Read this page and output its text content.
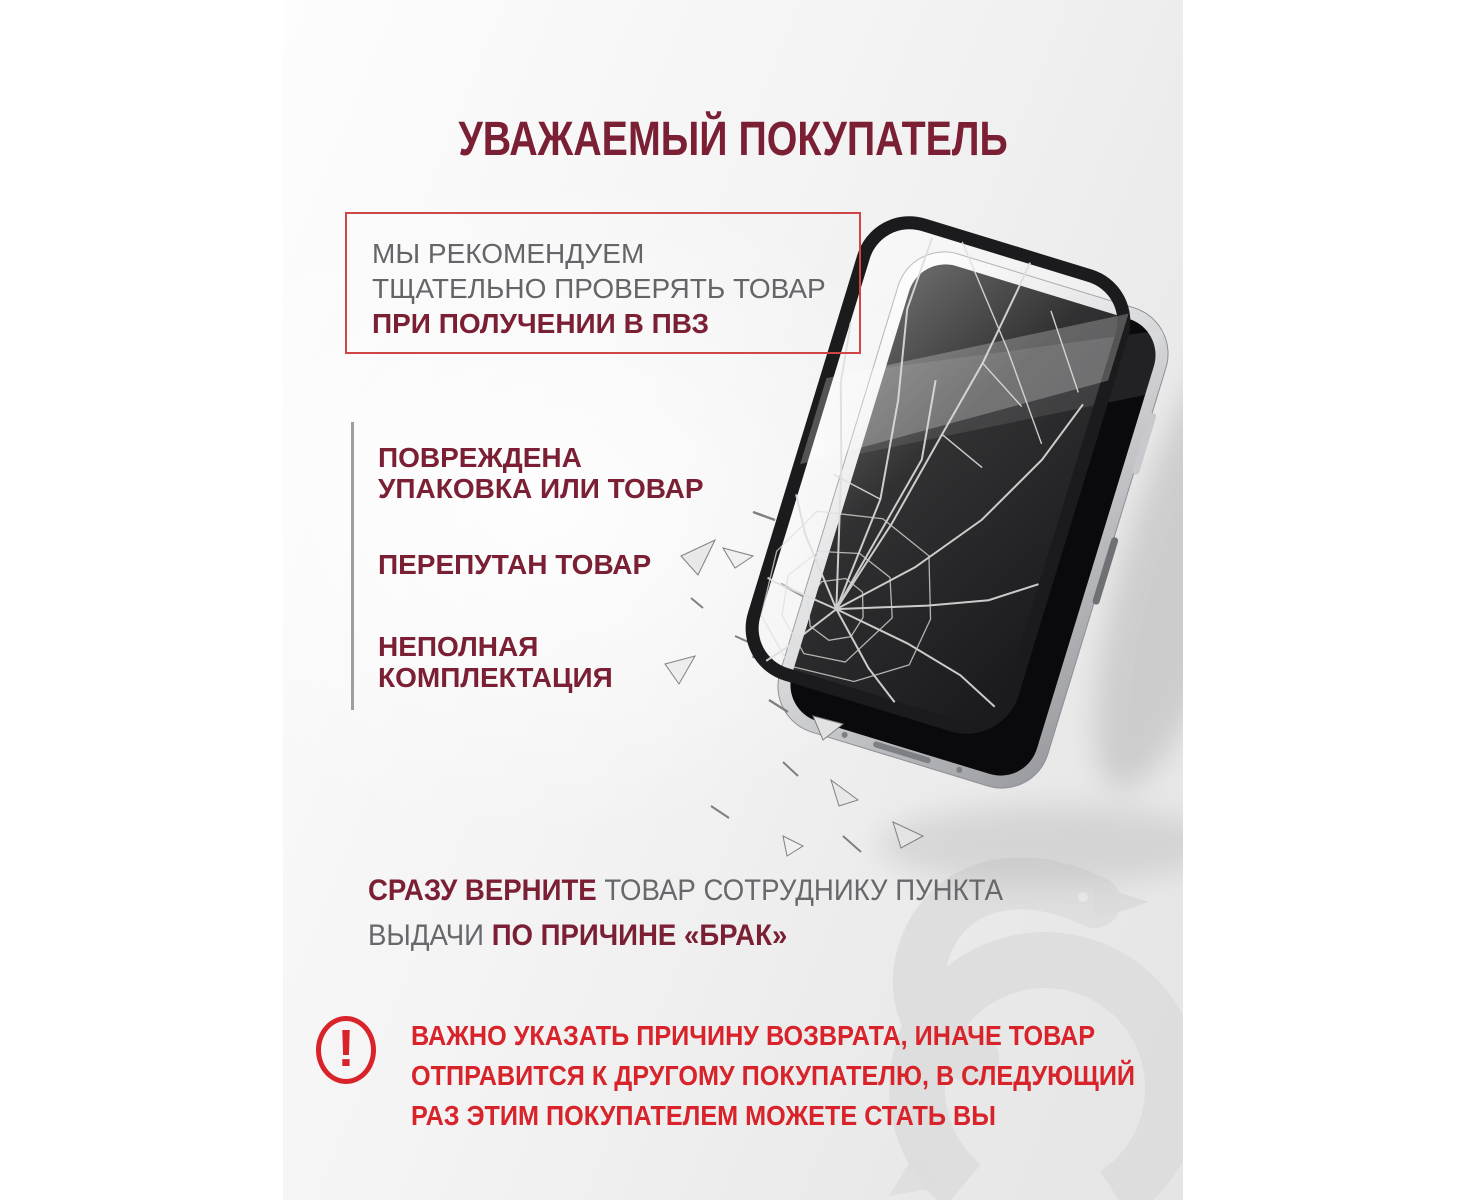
УВАЖАЕМЫЙ ПОКУПАТЕЛЬ
МЫ РЕКОМЕНДУЕМ
ТЩАТЕЛЬНО ПРОВЕРЯТЬ ТОВАР
ПРИ ПОЛУЧЕНИИ В ПВЗ
ПОВРЕЖДЕНА
УПАКОВКА ИЛИ ТОВАР
ПЕРЕПУТАН ТОВАР
НЕПОЛНАЯ
КОМПЛЕКТАЦИЯ
СРАЗУ ВЕРНИТЕ ТОВАР СОТРУДНИКУ ПУНКТА
ВЫДАЧИ ПО ПРИЧИНЕ «БРАК»
!	ВАЖНО УКАЗАТЬ ПРИЧИНУ ВОЗВРАТА, ИНАЧЕ ТОВАР
ОТПРАВИТСЯ К ДРУГОМУ ПОКУПАТЕЛЮ, В СЛЕДУЮЩИЙ
РАЗ ЭТИМ ПОКУПАТЕЛЕМ МОЖЕТЕ СТАТЬ ВЫ
